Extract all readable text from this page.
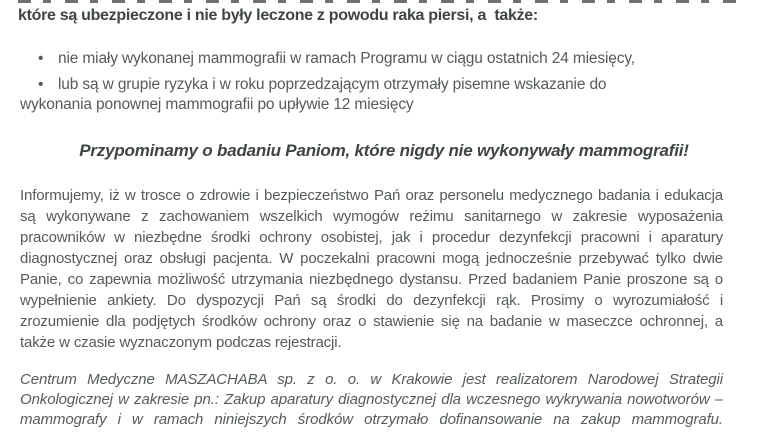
które są ubezpieczone i nie były leczone z powodu raka piersi, a  także:
• nie miały wykonanej mammografii w ramach Programu w ciągu ostatnich 24 miesięcy,
• lub są w grupie ryzyka i w roku poprzedzającym otrzymały pisemne wskazanie do
wykonania ponownej mammografii po upływie 12 miesięcy
Przypominamy o badaniu Paniom, które nigdy nie wykonywały mammografii!
Informujemy, iż w trosce o zdrowie i bezpieczeństwo Pań oraz personelu medycznego badania i edukacja
są wykonywane z zachowaniem wszelkich wymogów reżimu sanitarnego w zakresie wyposażenia
pracowników w niezbędne środki ochrony osobistej, jak i procedur dezynfekcji pracowni i aparatury
diagnostycznej oraz obsługi pacjenta. W poczekalni pracowni mogą jednocześnie przebywać tylko dwie
Panie, co zapewnia możliwość utrzymania niezbędnego dystansu. Przed badaniem Panie proszone są o
wypełnienie ankiety. Do dyspozycji Pań są środki do dezynfekcji rąk. Prosimy o wyrozumiałość i
zrozumienie dla podjętych środków ochrony oraz o stawienie się na badanie w maseczce ochronnej, a
także w czasie wyznaczonym podczas rejestracji.
Centrum Medyczne MASZACHABA sp. z o. o. w Krakowie jest realizatorem Narodowej Strategii
Onkologicznej w zakresie pn.: Zakup aparatury diagnostycznej dla wczesnego wykrywania nowotworów –
mammografy i w ramach niniejszych środków otrzymało dofinansowanie na zakup mammografu.
